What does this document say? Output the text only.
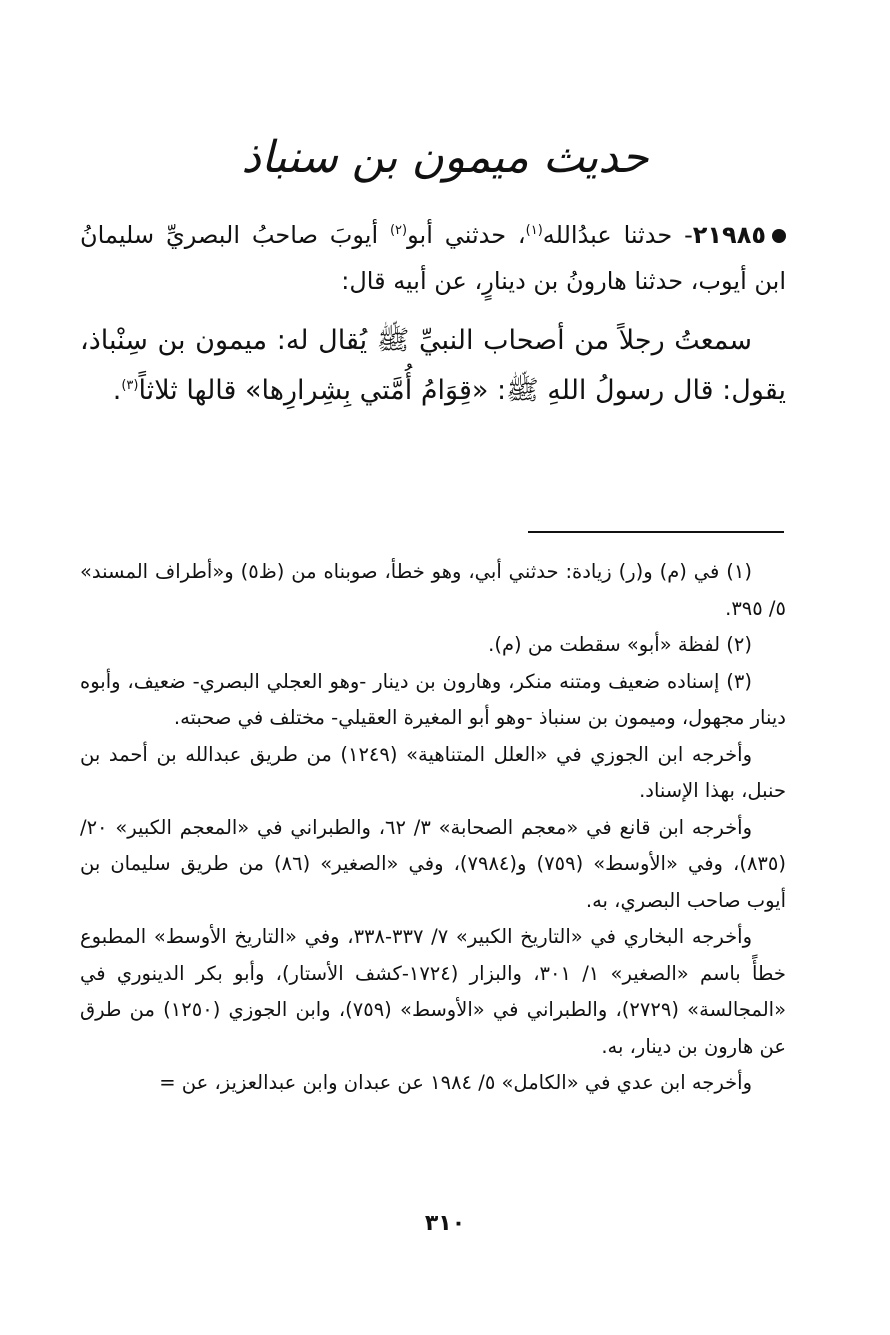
حديث ميمون بن سنباذ

٢١٩٨٥- حدثنا عبدُالله$^{(١)}$، حدثني أبو$^{(٢)}$ أيوبَ صاحبُ البصريِّ سليمانُ ابن أيوب، حدثنا هارونُ بن دينارٍ، عن أبيه قال:

سمعتُ رجلاً من أصحاب النبيِّ ﷺ يُقال له: ميمون بن سِنْباذ، يقول: قال رسولُ اللهِ ﷺ: «قِوَامُ أُمَّتي بِشِرارِها» قالها ثلاثاً$^{(٣)}$.

(١) في (م) و(ر) زيادة: حدثني أبي، وهو خطأ، صوبناه من (ظ٥) و«أطراف المسند» ٥/ ٣٩٥.

(٢) لفظة «أبو» سقطت من (م).

(٣) إسناده ضعيف ومتنه منكر، وهارون بن دينار -وهو العجلي البصري- ضعيف، وأبوه دينار مجهول، وميمون بن سنباذ -وهو أبو المغيرة العقيلي- مختلف في صحبته.

وأخرجه ابن الجوزي في «العلل المتناهية» (١٢٤٩) من طريق عبدالله بن أحمد بن حنبل، بهذا الإسناد.

وأخرجه ابن قانع في «معجم الصحابة» ٣/ ٦٢، والطبراني في «المعجم الكبير» ٢٠/ (٨٣٥)، وفي «الأوسط» (٧٥٩) و(٧٩٨٤)، وفي «الصغير» (٨٦) من طريق سليمان بن أيوب صاحب البصري، به.

وأخرجه البخاري في «التاريخ الكبير» ٧/ ٣٣٧-٣٣٨، وفي «التاريخ الأوسط» المطبوع خطأً باسم «الصغير» ١/ ٣٠١، والبزار (١٧٢٤-كشف الأستار)، وأبو بكر الدينوري في «المجالسة» (٢٧٢٩)، والطبراني في «الأوسط» (٧٥٩)، وابن الجوزي (١٢٥٠) من طرق عن هارون بن دينار، به.

وأخرجه ابن عدي في «الكامل» ٥/ ١٩٨٤ عن عبدان وابن عبدالعزيز، عن =

٣١٠
